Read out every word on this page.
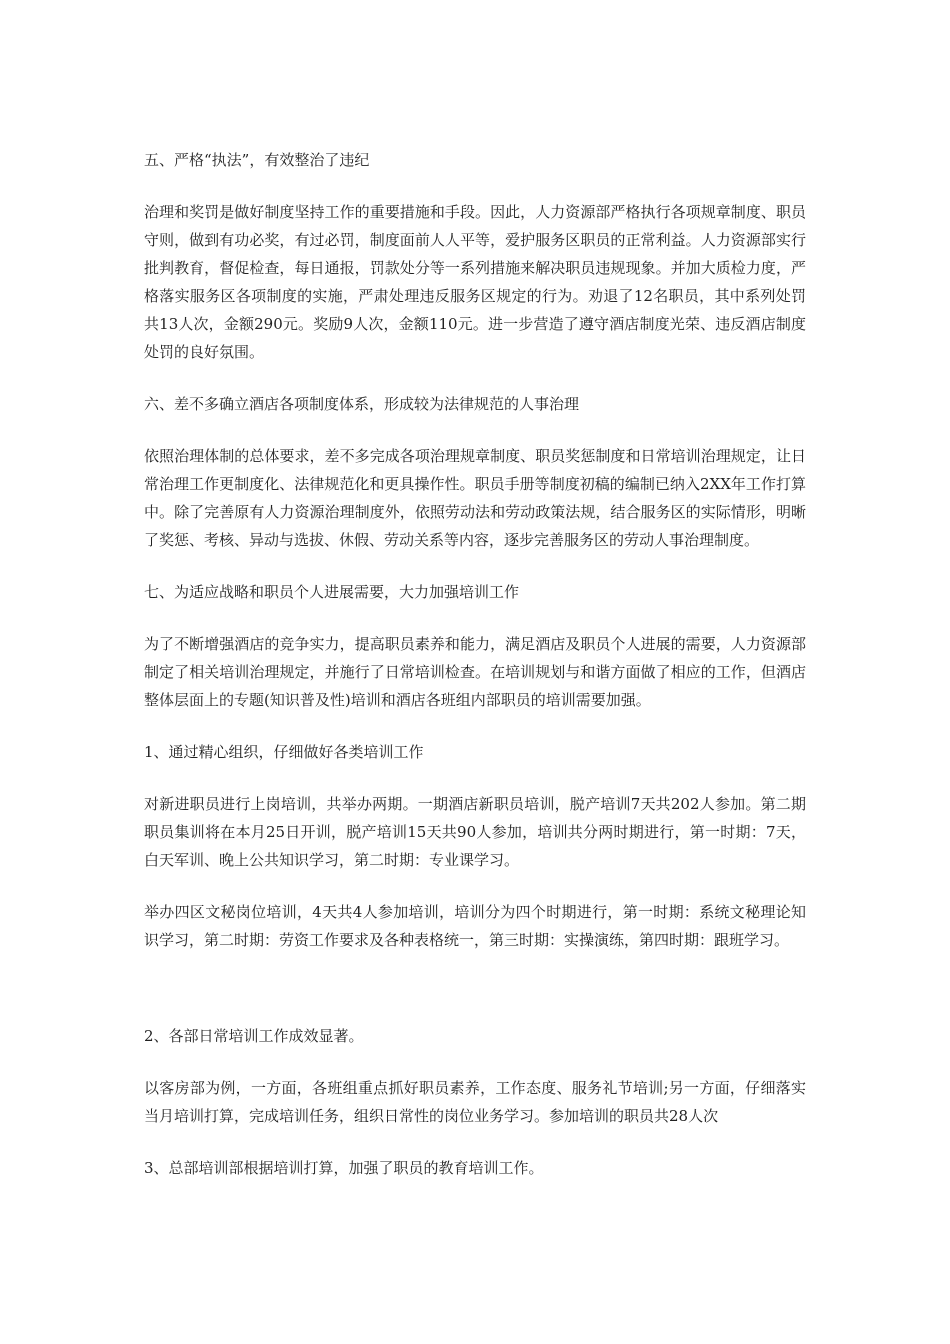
五、严格“执法”，有效整治了违纪

治理和奖罚是做好制度坚持工作的重要措施和手段。因此，人力资源部严格执行各项规章制度、职员守则，做到有功必奖，有过必罚，制度面前人人平等，爱护服务区职员的正常利益。人力资源部实行批判教育，督促检查，每日通报，罚款处分等一系列措施来解决职员违规现象。并加大质检力度，严格落实服务区各项制度的实施，严肃处理违反服务区规定的行为。劝退了12名职员，其中系列处罚共13人次，金额290元。奖励9人次，金额110元。进一步营造了遵守酒店制度光荣、违反酒店制度处罚的良好氛围。

六、差不多确立酒店各项制度体系，形成较为法律规范的人事治理

依照治理体制的总体要求，差不多完成各项治理规章制度、职员奖惩制度和日常培训治理规定，让日常治理工作更制度化、法律规范化和更具操作性。职员手册等制度初稿的编制已纳入2XX年工作打算中。除了完善原有人力资源治理制度外，依照劳动法和劳动政策法规，结合服务区的实际情形，明晰了奖惩、考核、异动与选拔、休假、劳动关系等内容，逐步完善服务区的劳动人事治理制度。

七、为适应战略和职员个人进展需要，大力加强培训工作

为了不断增强酒店的竞争实力，提高职员素养和能力，满足酒店及职员个人进展的需要，人力资源部制定了相关培训治理规定，并施行了日常培训检查。在培训规划与和谐方面做了相应的工作，但酒店整体层面上的专题(知识普及性)培训和酒店各班组内部职员的培训需要加强。

1、通过精心组织，仔细做好各类培训工作

对新进职员进行上岗培训，共举办两期。一期酒店新职员培训，脱产培训7天共202人参加。第二期职员集训将在本月25日开训，脱产培训15天共90人参加，培训共分两时期进行，第一时期：7天，白天军训、晚上公共知识学习，第二时期：专业课学习。

举办四区文秘岗位培训，4天共4人参加培训，培训分为四个时期进行，第一时期：系统文秘理论知识学习，第二时期：劳资工作要求及各种表格统一，第三时期：实操演练，第四时期：跟班学习。

2、各部日常培训工作成效显著。

以客房部为例，一方面，各班组重点抓好职员素养，工作态度、服务礼节培训;另一方面，仔细落实当月培训打算，完成培训任务，组织日常性的岗位业务学习。参加培训的职员共28人次

3、总部培训部根据培训打算，加强了职员的教育培训工作。
